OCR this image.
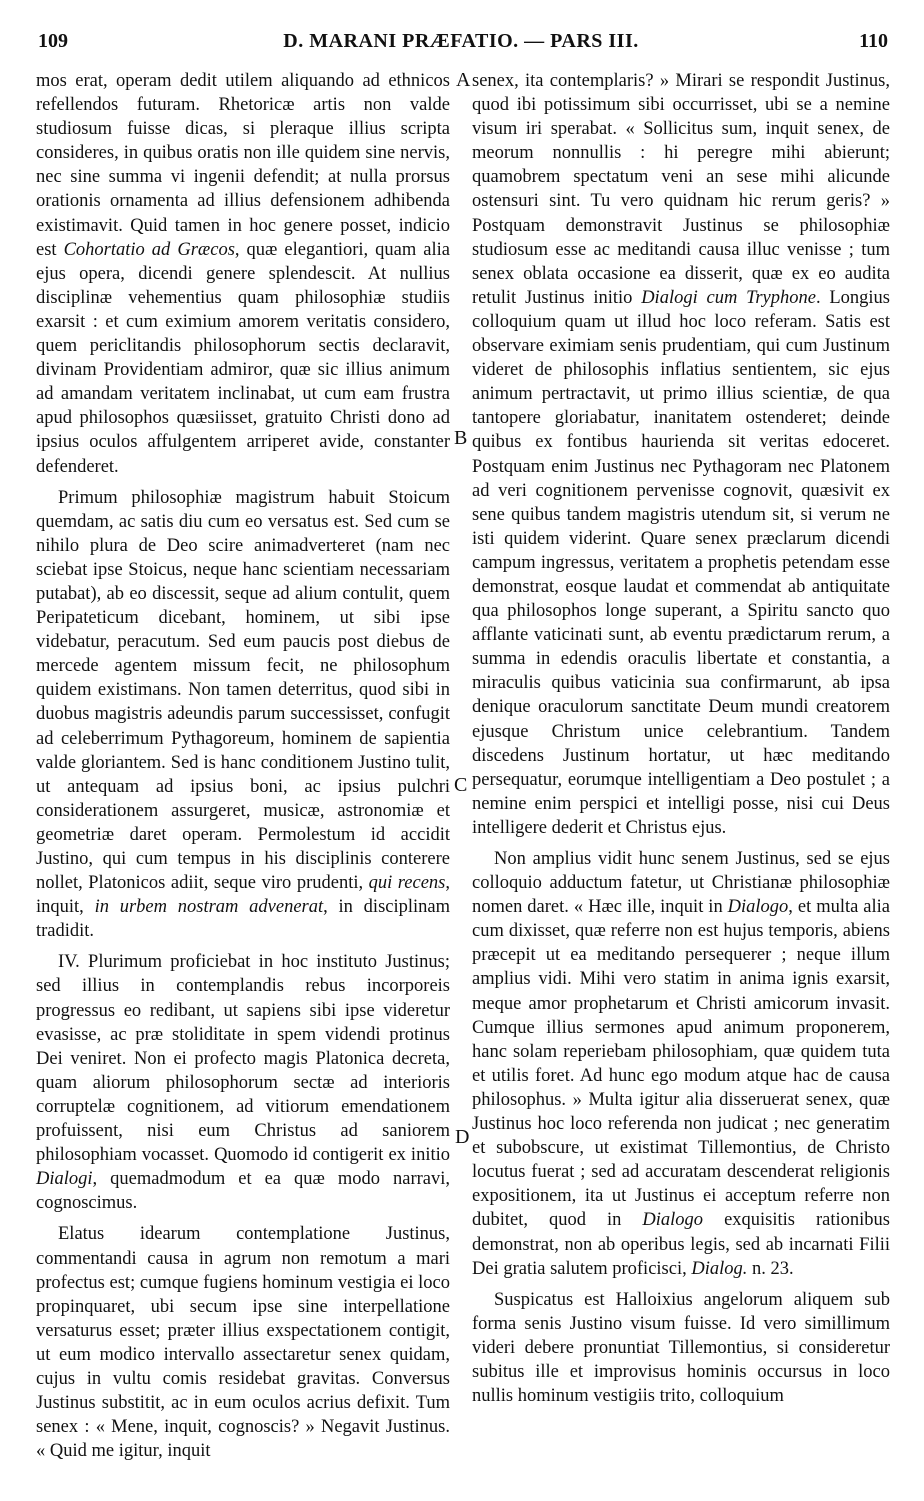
109	D. MARANI PRÆFATIO. — PARS III.	110
A
B
C
D

mos erat, operam dedit utilem aliquando ad ethnicos refellendos futuram. Rhetoricæ artis non valde studiosum fuisse dicas, si pleraque illius scripta consideres, in quibus oratis non ille quidem sine nervis, nec sine summa vi ingenii defendit; at nulla prorsus orationis ornamenta ad illius defensionem adhibenda existimavit. Quid tamen in hoc genere posset, indicio est Cohortatio ad Græcos, quæ elegantiori, quam alia ejus opera, dicendi genere splendescit. At nullius disciplinæ vehementius quam philosophiæ studiis exarsit : et cum eximium amorem veritatis considero, quem periclitandis philosophorum sectis declaravit, divinam Providentiam admiror, quæ sic illius animum ad amandam veritatem inclinabat, ut cum eam frustra apud philosophos quæsiisset, gratuito Christi dono ad ipsius oculos affulgentem arriperet avide, constanter defenderet.

Primum philosophiæ magistrum habuit Stoicum quemdam, ac satis diu cum eo versatus est. Sed cum se nihilo plura de Deo scire animadverteret (nam nec sciebat ipse Stoicus, neque hanc scientiam necessariam putabat), ab eo discessit, seque ad alium contulit, quem Peripateticum dicebant, hominem, ut sibi ipse videbatur, peracutum. Sed eum paucis post diebus de mercede agentem missum fecit, ne philosophum quidem existimans. Non tamen deterritus, quod sibi in duobus magistris adeundis parum successisset, confugit ad celeberrimum Pythagoreum, hominem de sapientia valde gloriantem. Sed is hanc conditionem Justino tulit, ut antequam ad ipsius boni, ac ipsius pulchri considerationem assurgeret, musicæ, astronomiæ et geometriæ daret operam. Permolestum id accidit Justino, qui cum tempus in his disciplinis conterere nollet, Platonicos adiit, seque viro prudenti, qui recens, inquit, in urbem nostram advenerat, in disciplinam tradidit.

IV. Plurimum proficiebat in hoc instituto Justinus; sed illius in contemplandis rebus incorporeis progressus eo redibant, ut sapiens sibi ipse videretur evasisse, ac præ stoliditate in spem videndi protinus Dei veniret. Non ei profecto magis Platonica decreta, quam aliorum philosophorum sectæ ad interioris corruptelæ cognitionem, ad vitiorum emendationem profuissent, nisi eum Christus ad saniorem philosophiam vocasset. Quomodo id contigerit ex initio Dialogi, quemadmodum et ea quæ modo narravi, cognoscimus.

Elatus idearum contemplatione Justinus, commentandi causa in agrum non remotum a mari profectus est; cumque fugiens hominum vestigia ei loco propinquaret, ubi secum ipse sine interpellatione versaturus esset; præter illius exspectationem contigit, ut eum modico intervallo assectaretur senex quidam, cujus in vultu comis residebat gravitas. Conversus Justinus substitit, ac in eum oculos acrius defixit. Tum senex : « Mene, inquit, cognoscis? » Negavit Justinus. « Quid me igitur, inquit

senex, ita contemplaris? » Mirari se respondit Justinus, quod ibi potissimum sibi occurrisset, ubi se a nemine visum iri sperabat. « Sollicitus sum, inquit senex, de meorum nonnullis : hi peregre mihi abierunt; quamobrem spectatum veni an sese mihi alicunde ostensuri sint. Tu vero quidnam hic rerum geris? » Postquam demonstravit Justinus se philosophiæ studiosum esse ac meditandi causa illuc venisse ; tum senex oblata occasione ea disserit, quæ ex eo audita retulit Justinus initio Dialogi cum Tryphone. Longius colloquium quam ut illud hoc loco referam. Satis est observare eximiam senis prudentiam, qui cum Justinum videret de philosophis inflatius sentientem, sic ejus animum pertractavit, ut primo illius scientiæ, de qua tantopere gloriabatur, inanitatem ostenderet; deinde quibus ex fontibus haurienda sit veritas edoceret. Postquam enim Justinus nec Pythagoram nec Platonem ad veri cognitionem pervenisse cognovit, quæsivit ex sene quibus tandem magistris utendum sit, si verum ne isti quidem viderint. Quare senex præclarum dicendi campum ingressus, veritatem a prophetis petendam esse demonstrat, eosque laudat et commendat ab antiquitate qua philosophos longe superant, a Spiritu sancto quo afflante vaticinati sunt, ab eventu prædictarum rerum, a summa in edendis oraculis libertate et constantia, a miraculis quibus vaticinia sua confirmarunt, ab ipsa denique oraculorum sanctitate Deum mundi creatorem ejusque Christum unice celebrantium. Tandem discedens Justinum hortatur, ut hæc meditando persequatur, eorumque intelligentiam a Deo postulet ; a nemine enim perspici et intelligi posse, nisi cui Deus intelligere dederit et Christus ejus.

Non amplius vidit hunc senem Justinus, sed se ejus colloquio adductum fatetur, ut Christianæ philosophiæ nomen daret. « Hæc ille, inquit in Dialogo, et multa alia cum dixisset, quæ referre non est hujus temporis, abiens præcepit ut ea meditando persequerer ; neque illum amplius vidi. Mihi vero statim in anima ignis exarsit, meque amor prophetarum et Christi amicorum invasit. Cumque illius sermones apud animum proponerem, hanc solam reperiebam philosophiam, quæ quidem tuta et utilis foret. Ad hunc ego modum atque hac de causa philosophus. » Multa igitur alia disseruerat senex, quæ Justinus hoc loco referenda non judicat ; nec generatim et subobscure, ut existimat Tillemontius, de Christo locutus fuerat ; sed ad accuratam descenderat religionis expositionem, ita ut Justinus ei acceptum referre non dubitet, quod in Dialogo exquisitis rationibus demonstrat, non ab operibus legis, sed ab incarnati Filii Dei gratia salutem proficisci, Dialog. n. 23.

Suspicatus est Halloixius angelorum aliquem sub forma senis Justino visum fuisse. Id vero simillimum videri debere pronuntiat Tillemontius, si consideretur subitus ille et improvisus hominis occursus in loco nullis hominum vestigiis trito, colloquium
